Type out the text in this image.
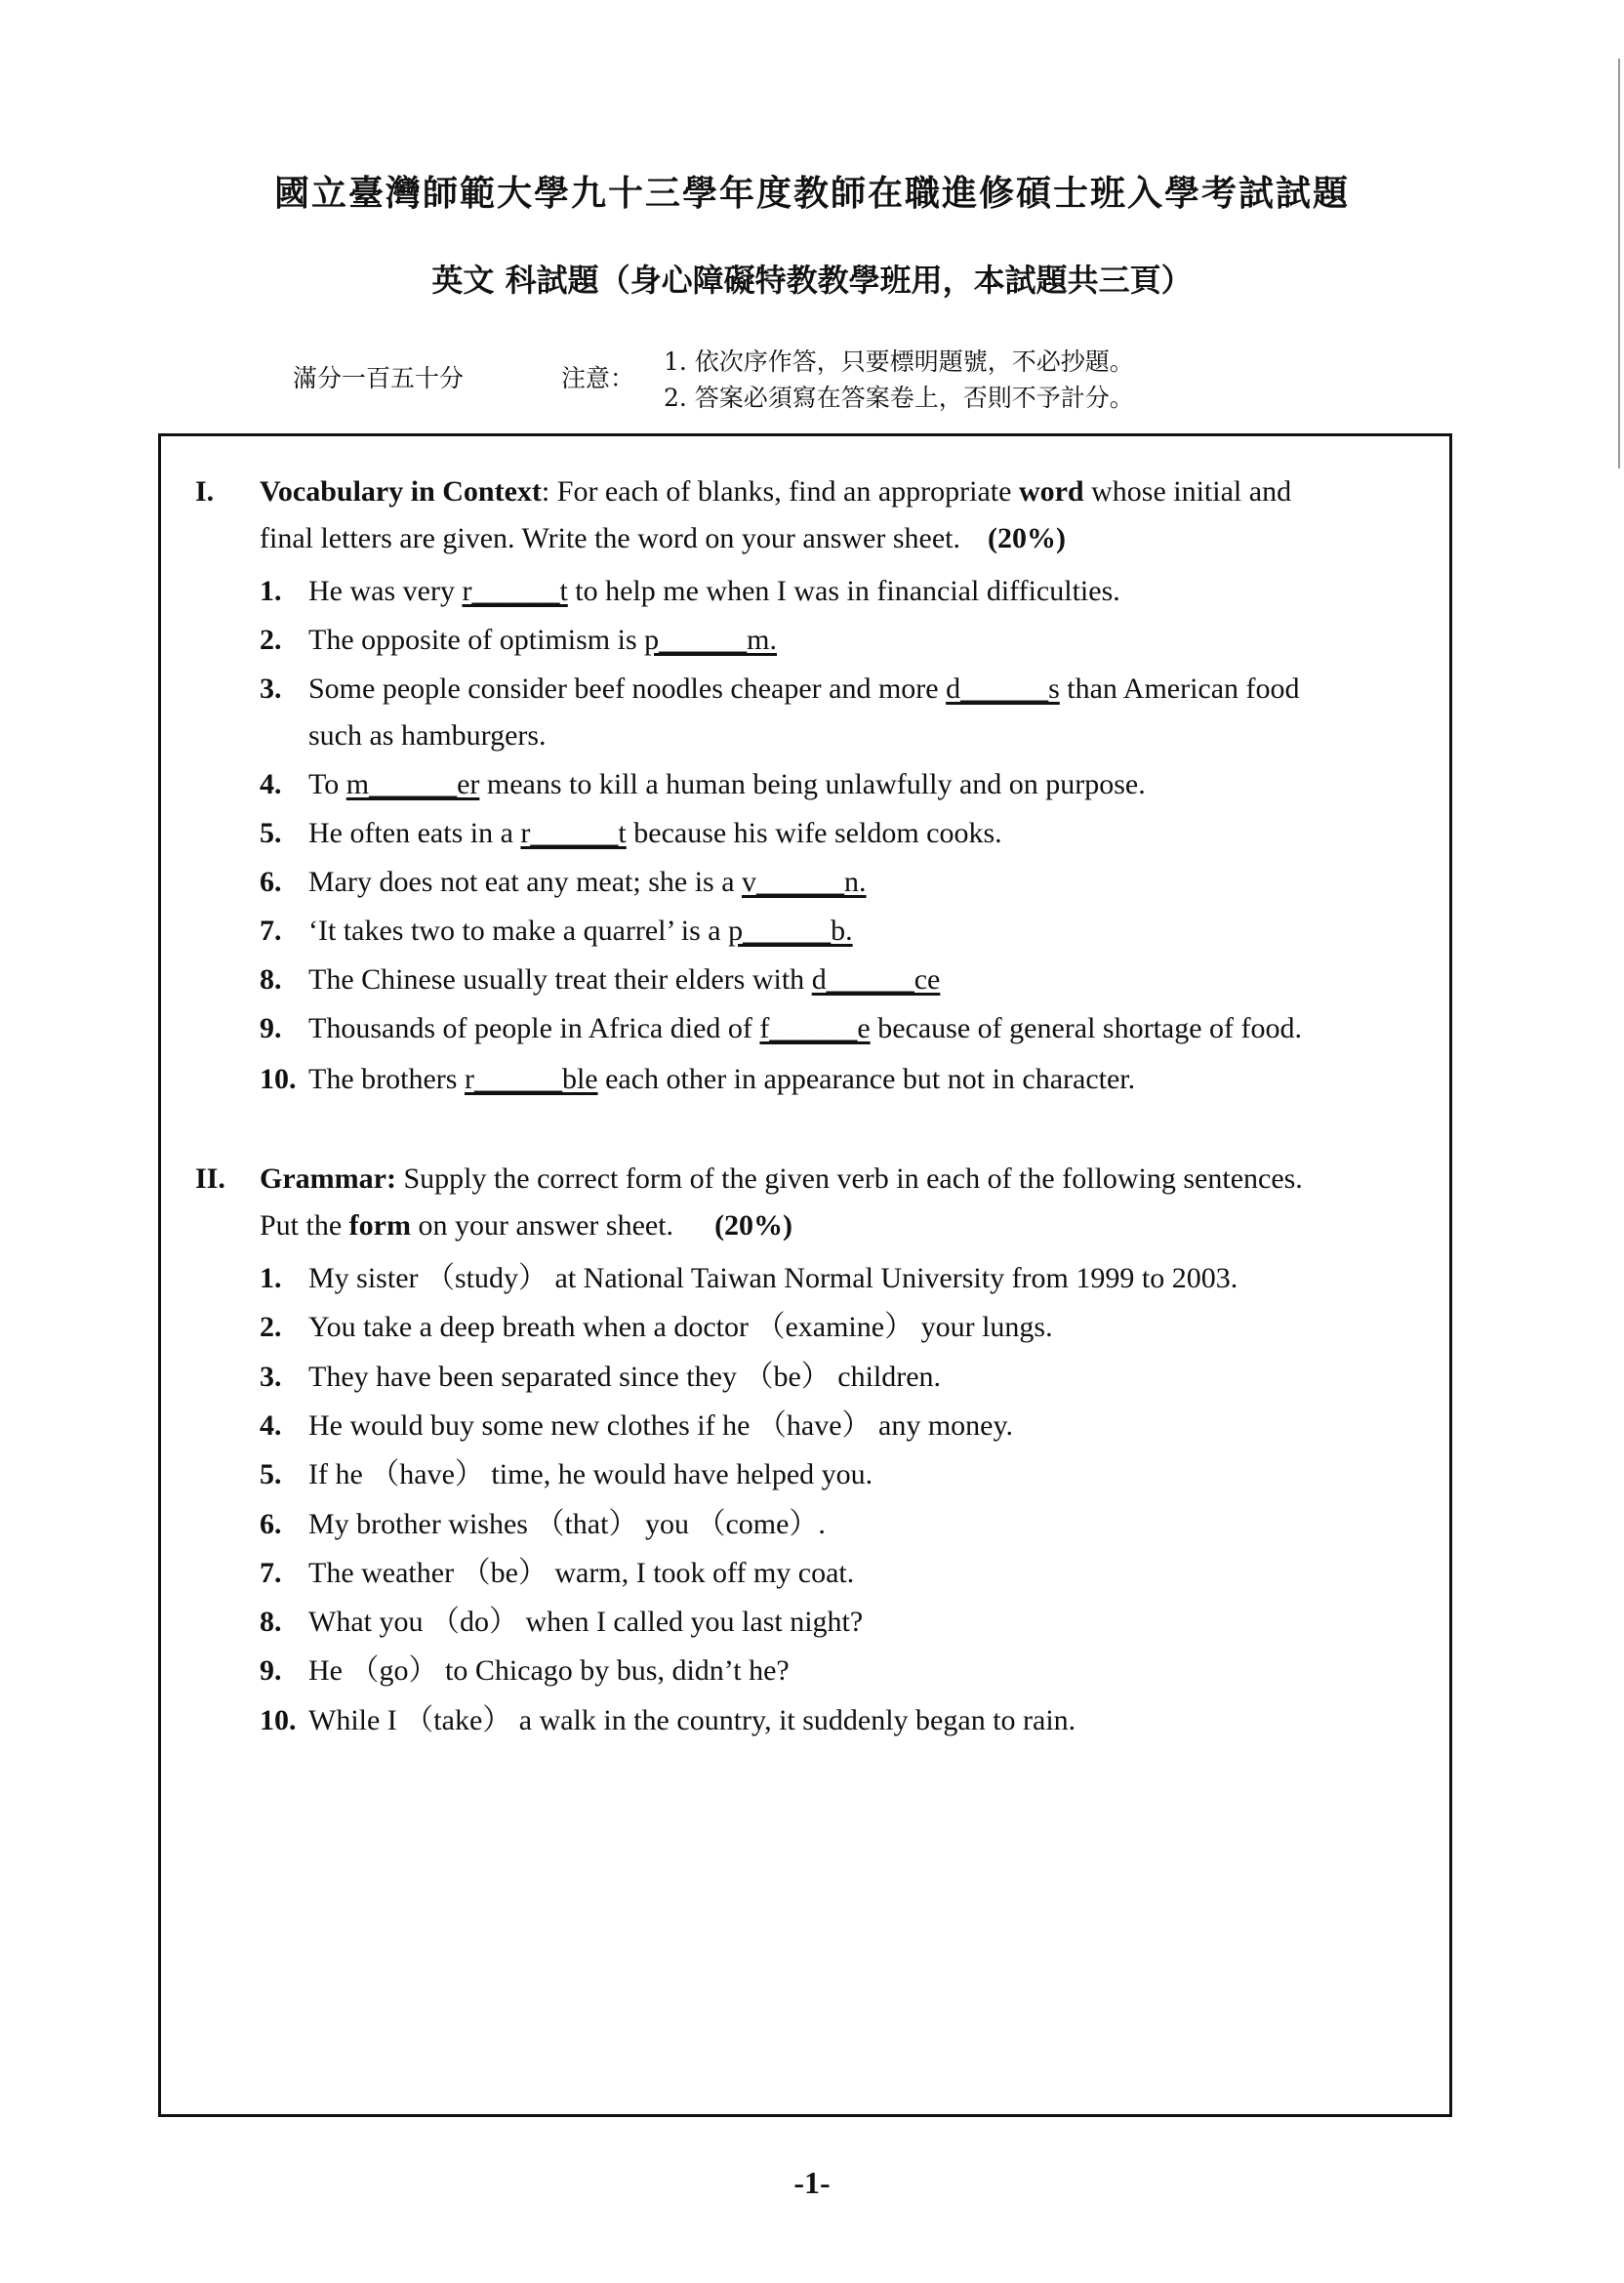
國立臺灣師範大學九十三學年度教師在職進修碩士班入學考試試題
英文 科試題（身心障礙特教教學班用，本試題共三頁）
滿分一百五十分	注意：
1. 依次序作答，只要標明題號，不必抄題。
2. 答案必須寫在答案卷上，否則不予計分。
I. Vocabulary in Context: For each of blanks, find an appropriate word whose initial and
final letters are given. Write the word on your answer sheet. (20%)
1. He was very r______t to help me when I was in financial difficulties.
2. The opposite of optimism is p______m.
3. Some people consider beef noodles cheaper and more d______s than American food
such as hamburgers.
4. To m______er means to kill a human being unlawfully and on purpose.
5. He often eats in a r______t because his wife seldom cooks.
6. Mary does not eat any meat; she is a v______n.
7. ‘It takes two to make a quarrel’ is a p______b.
8. The Chinese usually treat their elders with d______ce
9. Thousands of people in Africa died of f______e because of general shortage of food.
10. The brothers r______ble each other in appearance but not in character.
II. Grammar: Supply the correct form of the given verb in each of the following sentences.
Put the form on your answer sheet. (20%)
1. My sister （study） at National Taiwan Normal University from 1999 to 2003.
2. You take a deep breath when a doctor （examine） your lungs.
3. They have been separated since they （be） children.
4. He would buy some new clothes if he （have） any money.
5. If he （have） time, he would have helped you.
6. My brother wishes （that） you （come）.
7. The weather （be） warm, I took off my coat.
8. What you （do） when I called you last night?
9. He （go） to Chicago by bus, didn’t he?
10. While I （take） a walk in the country, it suddenly began to rain.
-1-
